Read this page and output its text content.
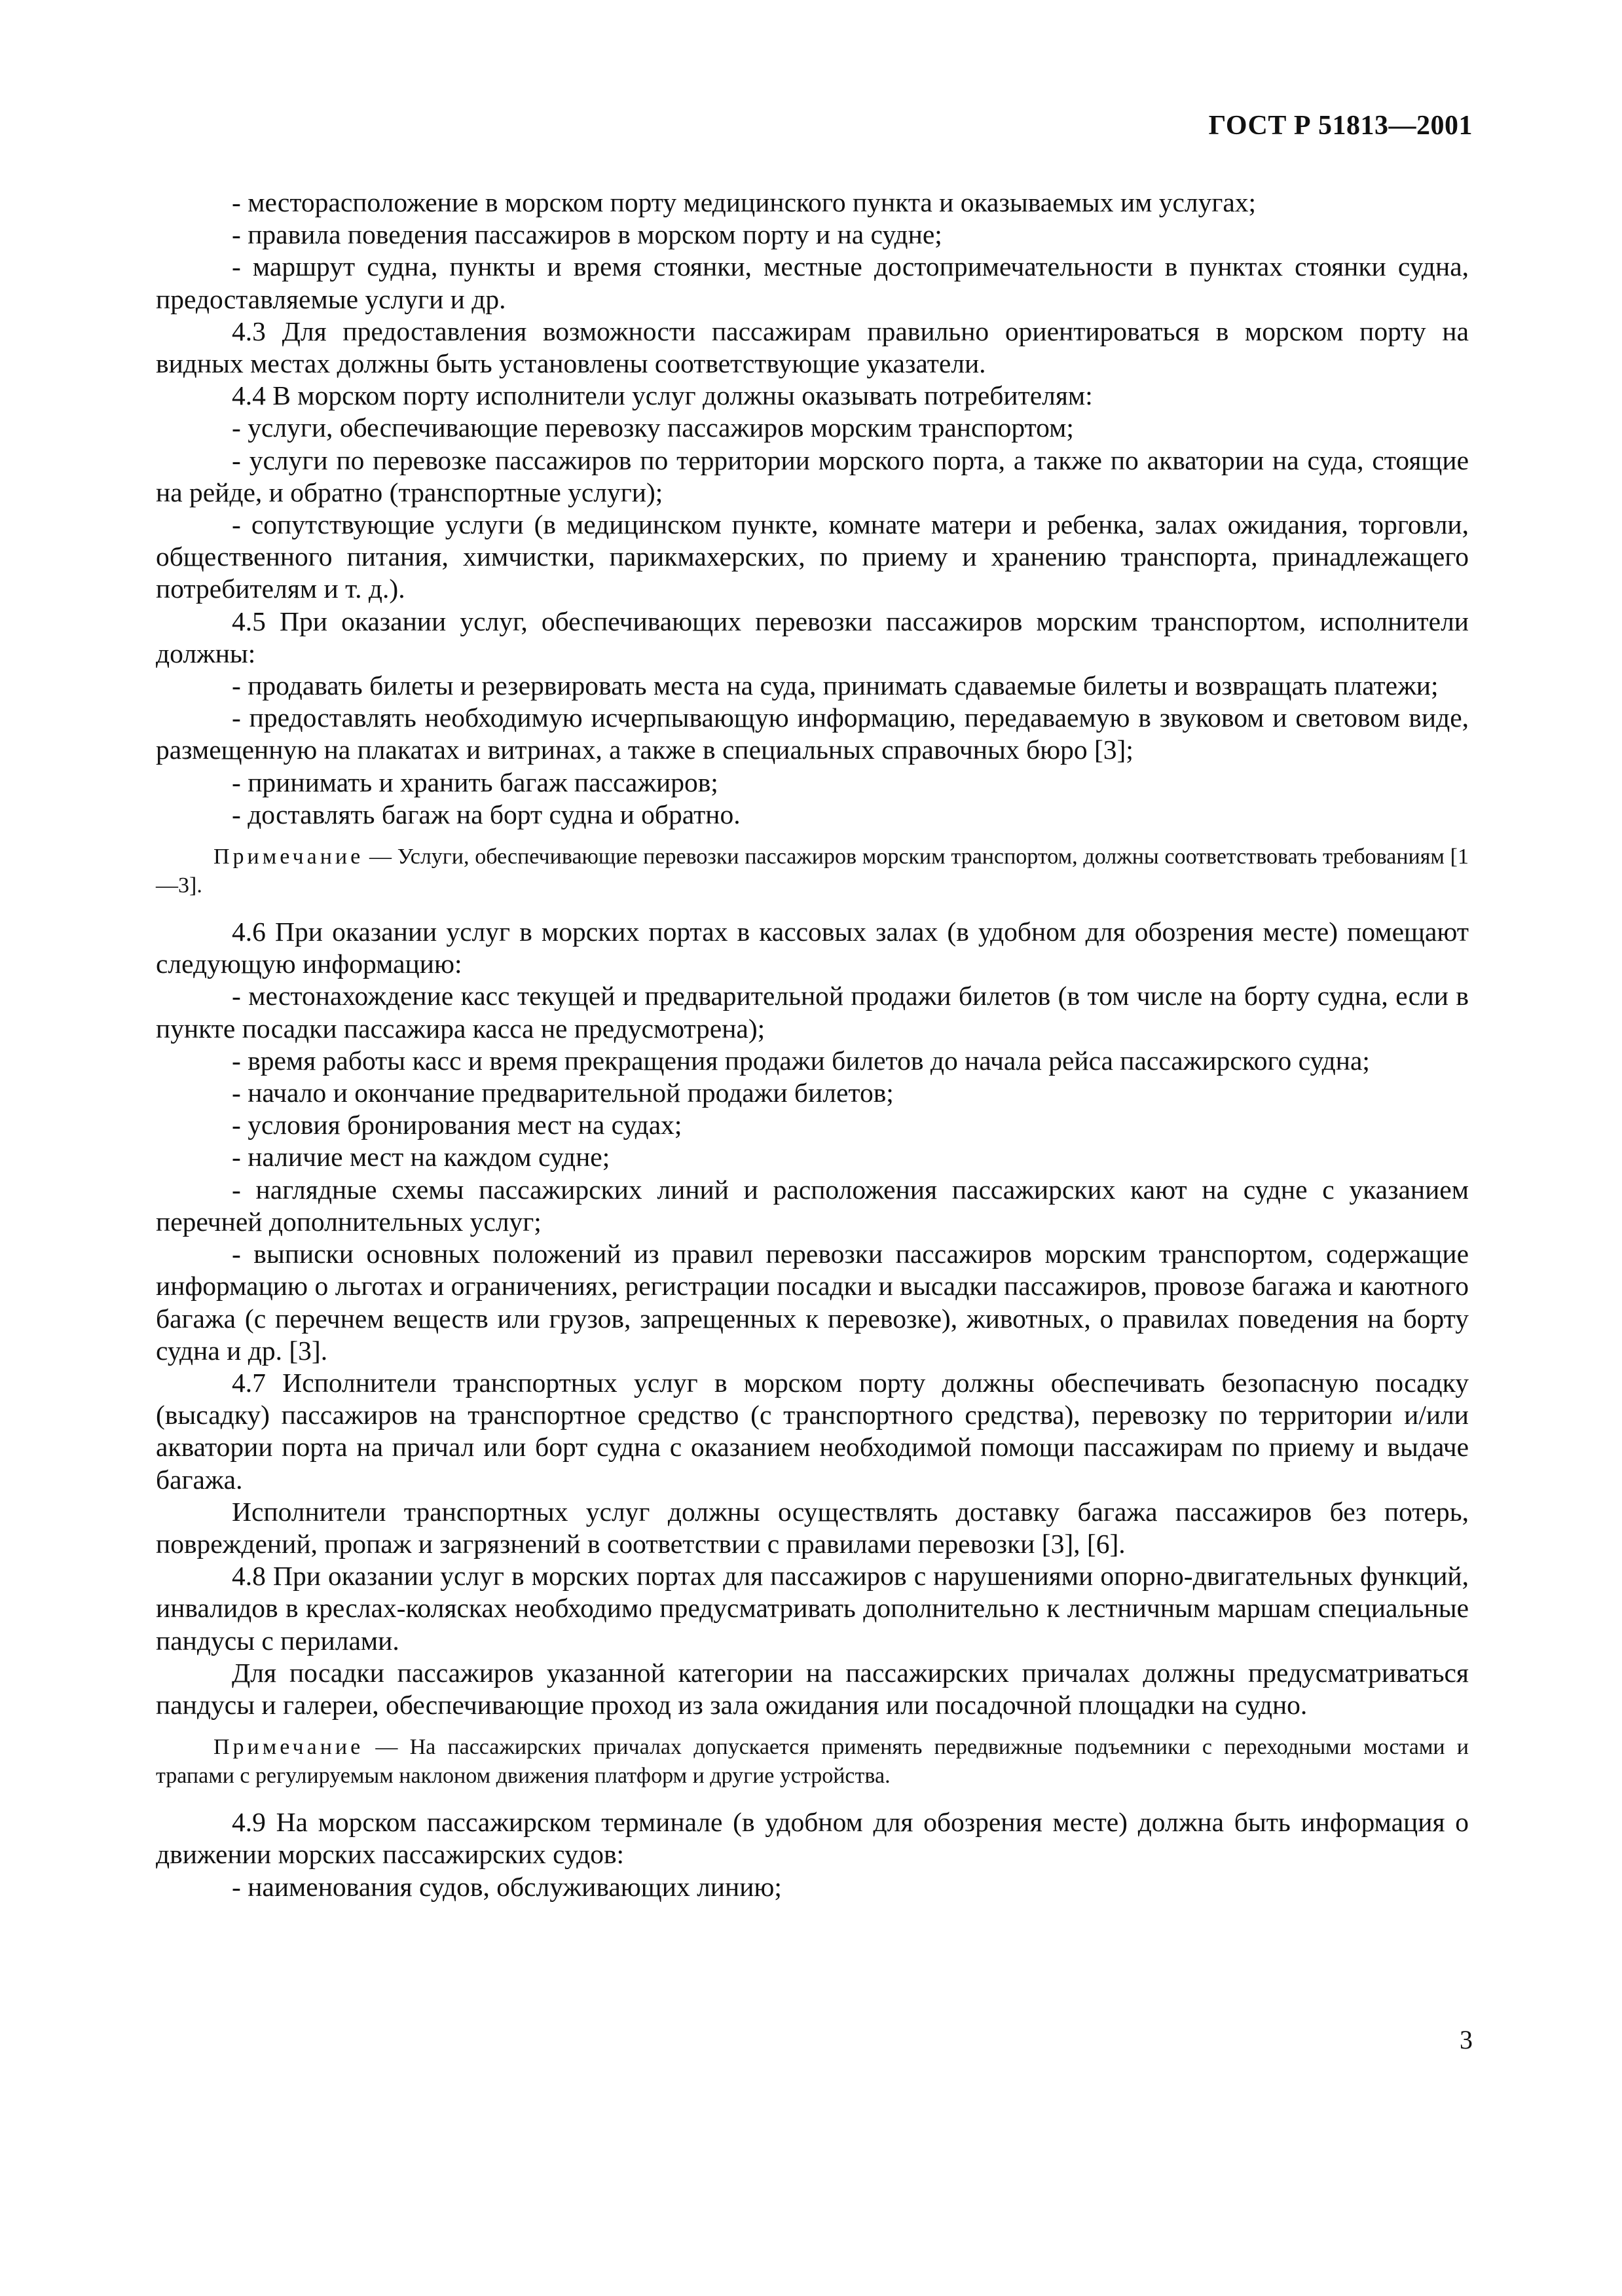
ГОСТ Р 51813—2001

- месторасположение в морском порту медицинского пункта и оказываемых им услугах;

- правила поведения пассажиров в морском порту и на судне;

- маршрут судна, пункты и время стоянки, местные достопримечательности в пунктах стоянки судна, предоставляемые услуги и др.

4.3 Для предоставления возможности пассажирам правильно ориентироваться в морском порту на видных местах должны быть установлены соответствующие указатели.

4.4 В морском порту исполнители услуг должны оказывать потребителям:

- услуги, обеспечивающие перевозку пассажиров морским транспортом;

- услуги по перевозке пассажиров по территории морского порта, а также по акватории на суда, стоящие на рейде, и обратно (транспортные услуги);

- сопутствующие услуги (в медицинском пункте, комнате матери и ребенка, залах ожидания, торговли, общественного питания, химчистки, парикмахерских, по приему и хранению транспорта, принадлежащего потребителям и т. д.).

4.5 При оказании услуг, обеспечивающих перевозки пассажиров морским транспортом, исполнители должны:

- продавать билеты и резервировать места на суда, принимать сдаваемые билеты и возвращать платежи;

- предоставлять необходимую исчерпывающую информацию, передаваемую в звуковом и световом виде, размещенную на плакатах и витринах, а также в специальных справочных бюро [3];

- принимать и хранить багаж пассажиров;

- доставлять багаж на борт судна и обратно.

Примечание — Услуги, обеспечивающие перевозки пассажиров морским транспортом, должны соответствовать требованиям [1—3].

4.6 При оказании услуг в морских портах в кассовых залах (в удобном для обозрения месте) помещают следующую информацию:

- местонахождение касс текущей и предварительной продажи билетов (в том числе на борту судна, если в пункте посадки пассажира касса не предусмотрена);

- время работы касс и время прекращения продажи билетов до начала рейса пассажирского судна;

- начало и окончание предварительной продажи билетов;

- условия бронирования мест на судах;

- наличие мест на каждом судне;

- наглядные схемы пассажирских линий и расположения пассажирских кают на судне с указанием перечней дополнительных услуг;

- выписки основных положений из правил перевозки пассажиров морским транспортом, содержащие информацию о льготах и ограничениях, регистрации посадки и высадки пассажиров, провозе багажа и каютного багажа (с перечнем веществ или грузов, запрещенных к перевозке), животных, о правилах поведения на борту судна и др. [3].

4.7 Исполнители транспортных услуг в морском порту должны обеспечивать безопасную посадку (высадку) пассажиров на транспортное средство (с транспортного средства), перевозку по территории и/или акватории порта на причал или борт судна с оказанием необходимой помощи пассажирам по приему и выдаче багажа.

Исполнители транспортных услуг должны осуществлять доставку багажа пассажиров без потерь, повреждений, пропаж и загрязнений в соответствии с правилами перевозки [3], [6].

4.8 При оказании услуг в морских портах для пассажиров с нарушениями опорно-двигательных функций, инвалидов в креслах-колясках необходимо предусматривать дополнительно к лестничным маршам специальные пандусы с перилами.

Для посадки пассажиров указанной категории на пассажирских причалах должны предусматриваться пандусы и галереи, обеспечивающие проход из зала ожидания или посадочной площадки на судно.

Примечание — На пассажирских причалах допускается применять передвижные подъемники с переходными мостами и трапами с регулируемым наклоном движения платформ и другие устройства.

4.9 На морском пассажирском терминале (в удобном для обозрения месте) должна быть информация о движении морских пассажирских судов:

- наименования судов, обслуживающих линию;

3
